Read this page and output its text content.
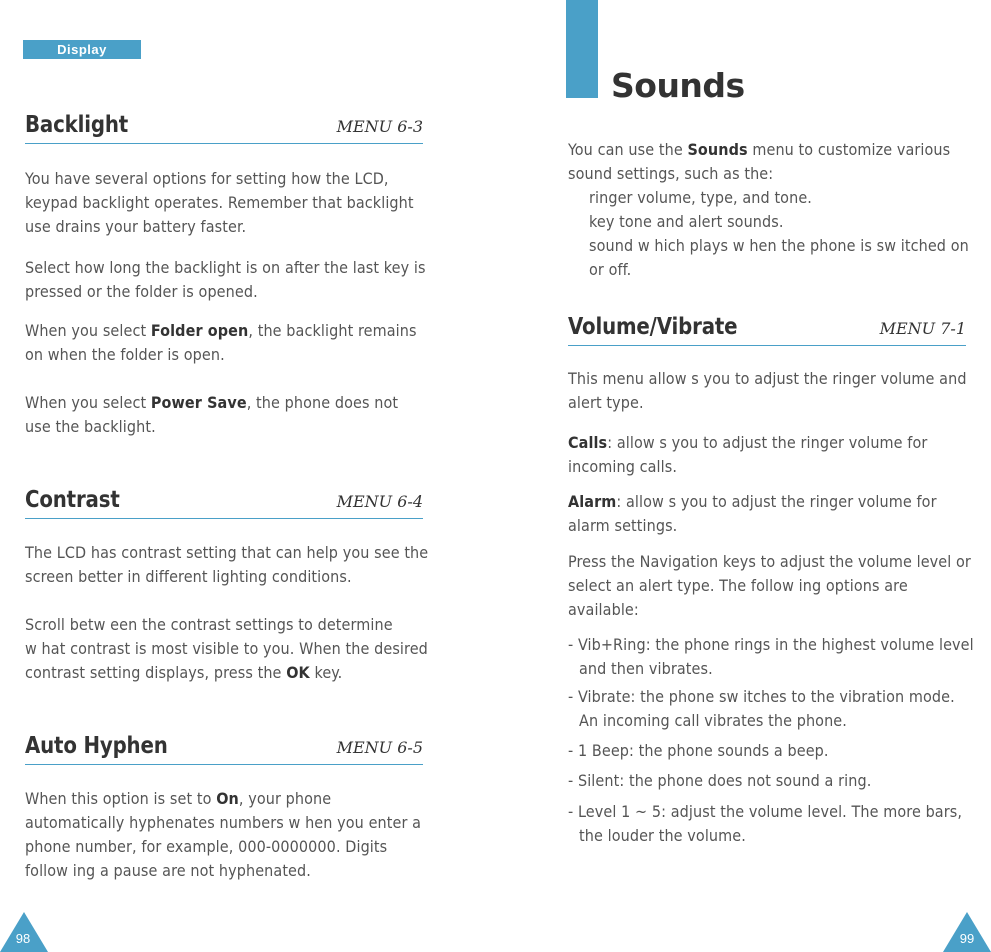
Display
Backlight	MENU 6-3
You have several options for setting how the LCD,
keypad backlight operates. Remember that backlight
use drains your battery faster.
Select how long the backlight is on after the last key is
pressed or the folder is opened.
When you select Folder open, the backlight remains
on when the folder is open.
When you select Power Save, the phone does not
use the backlight.
Contrast	MENU 6-4
The LCD has contrast setting that can help you see the
screen better in different lighting conditions.
Scroll betw een the contrast settings to determine
w hat contrast is most visible to you. When the desired
contrast setting displays, press the OK key.
Auto Hyphen	MENU 6-5
When this option is set to On, your phone
automatically hyphenates numbers w hen you enter a
phone number, for example, 000-0000000. Digits
follow ing a pause are not hyphenated.
98
Sounds
You can use the Sounds menu to customize various
sound settings, such as the:
ringer volume, type, and tone.
key tone and alert sounds.
sound w hich plays w hen the phone is sw itched on
or off.
Volume/Vibrate	MENU 7-1
This menu allow s you to adjust the ringer volume and
alert type.
Calls: allow s you to adjust the ringer volume for
incoming calls.
Alarm: allow s you to adjust the ringer volume for
alarm settings.
Press the Navigation keys to adjust the volume level or
select an alert type. The follow ing options are
available:
- Vib+Ring: the phone rings in the highest volume level
and then vibrates.
- Vibrate: the phone sw itches to the vibration mode.
An incoming call vibrates the phone.
- 1 Beep: the phone sounds a beep.
- Silent: the phone does not sound a ring.
- Level 1 ~ 5: adjust the volume level. The more bars,
the louder the volume.
99
